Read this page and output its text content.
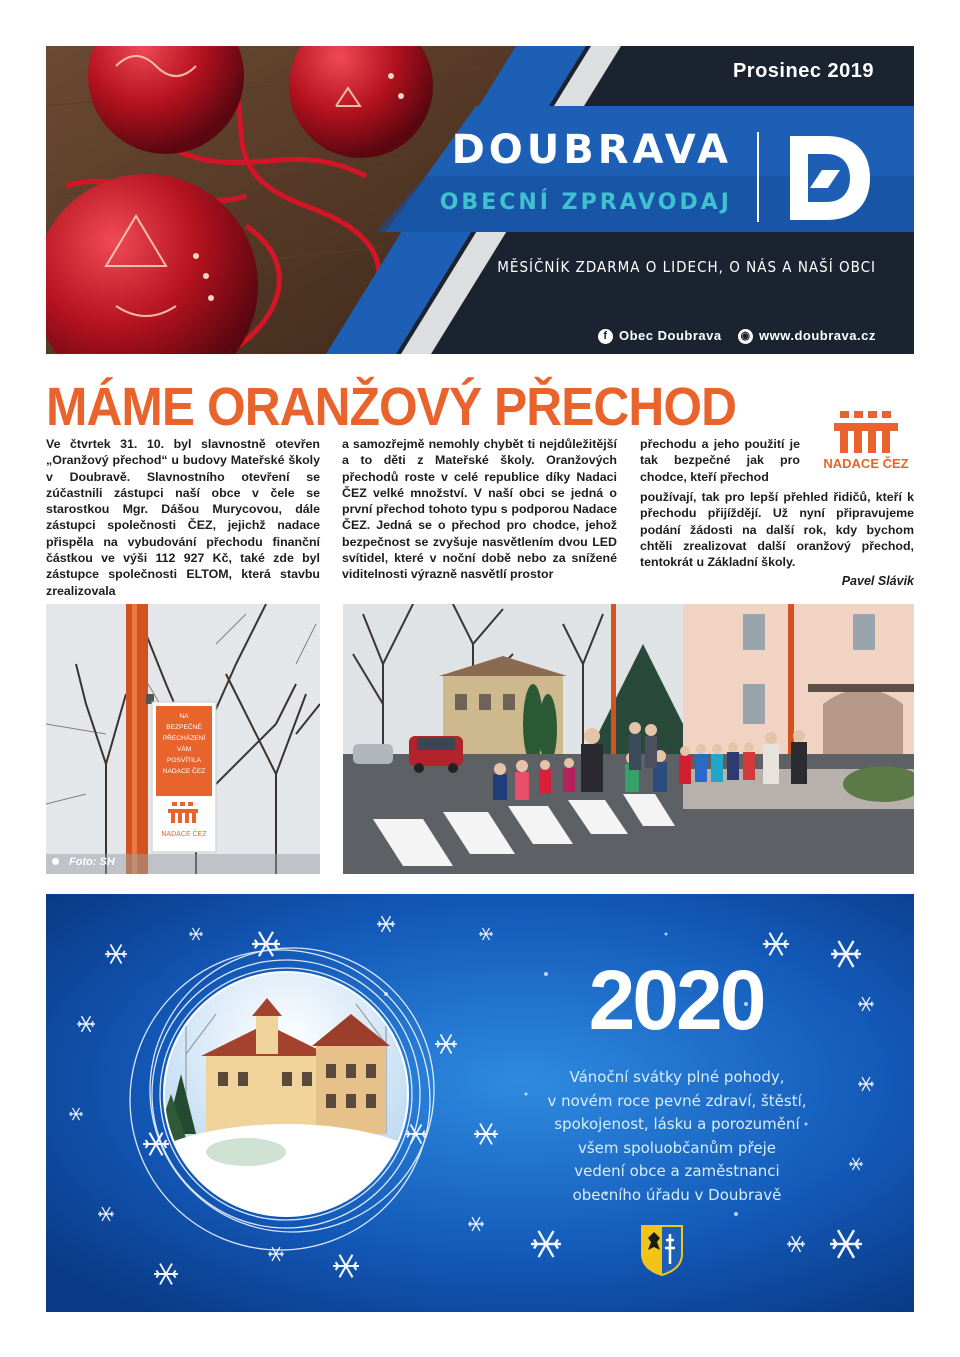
Prosinec 2019
DOUBRAVA
OBECNÍ ZPRAVODAJ
MĚSÍČNÍK ZDARMA O LIDECH, O NÁS A NAŠÍ OBCI
f Obec Doubrava ◉ www.doubrava.cz
MÁME ORANŽOVÝ PŘECHOD
NADACE ČEZ
Ve čtvrtek 31. 10. byl slavnostně otevřen „Oranžový přechod“ u budovy Mateřské školy v Doubravě. Slavnostního otevření se zúčastnili zástupci naší obce v čele se starostkou Mgr. Dášou Murycovou, dále zástupci společnosti ČEZ, jejichž nadace přispěla na vybudování přechodu finanční částkou ve výši 112 927 Kč, také zde byl zástupce společnosti ELTOM, která stavbu zrealizovala
a samozřejmě nemohly chybět ti nejdůležitější a to děti z Mateřské školy. Oranžových přechodů roste v celé republice díky Nadaci ČEZ velké množství. V naší obci se jedná o první přechod tohoto typu s podporou Nadace ČEZ. Jedná se o přechod pro chodce, jehož bezpečnost se zvyšuje nasvětlením dvou LED svítidel, které v noční době nebo za snížené viditelnosti výrazně nasvětlí prostor
přechodu a jeho použití je tak bezpečné jak pro chodce, kteří přechod
používají, tak pro lepší přehled řidičů, kteří k přechodu přijíždějí. Už nyní připravujeme podání žádosti na další rok, kdy bychom chtěli zrealizovat další oranžový přechod, tentokrát u Základní školy.
Pavel Slávik
NA
BEZPEČNÉ
PŘECHÁZENÍ
VÁM
POSVÍTILA
NADACE ČEZ
NADACE ČEZ
Foto: SH
2020
Vánoční svátky plné pohody,
v novém roce pevné zdraví, štěstí,
spokojenost, lásku a porozumění
všem spoluobčanům přeje
vedení obce a zaměstnanci
obecního úřadu v Doubravě
